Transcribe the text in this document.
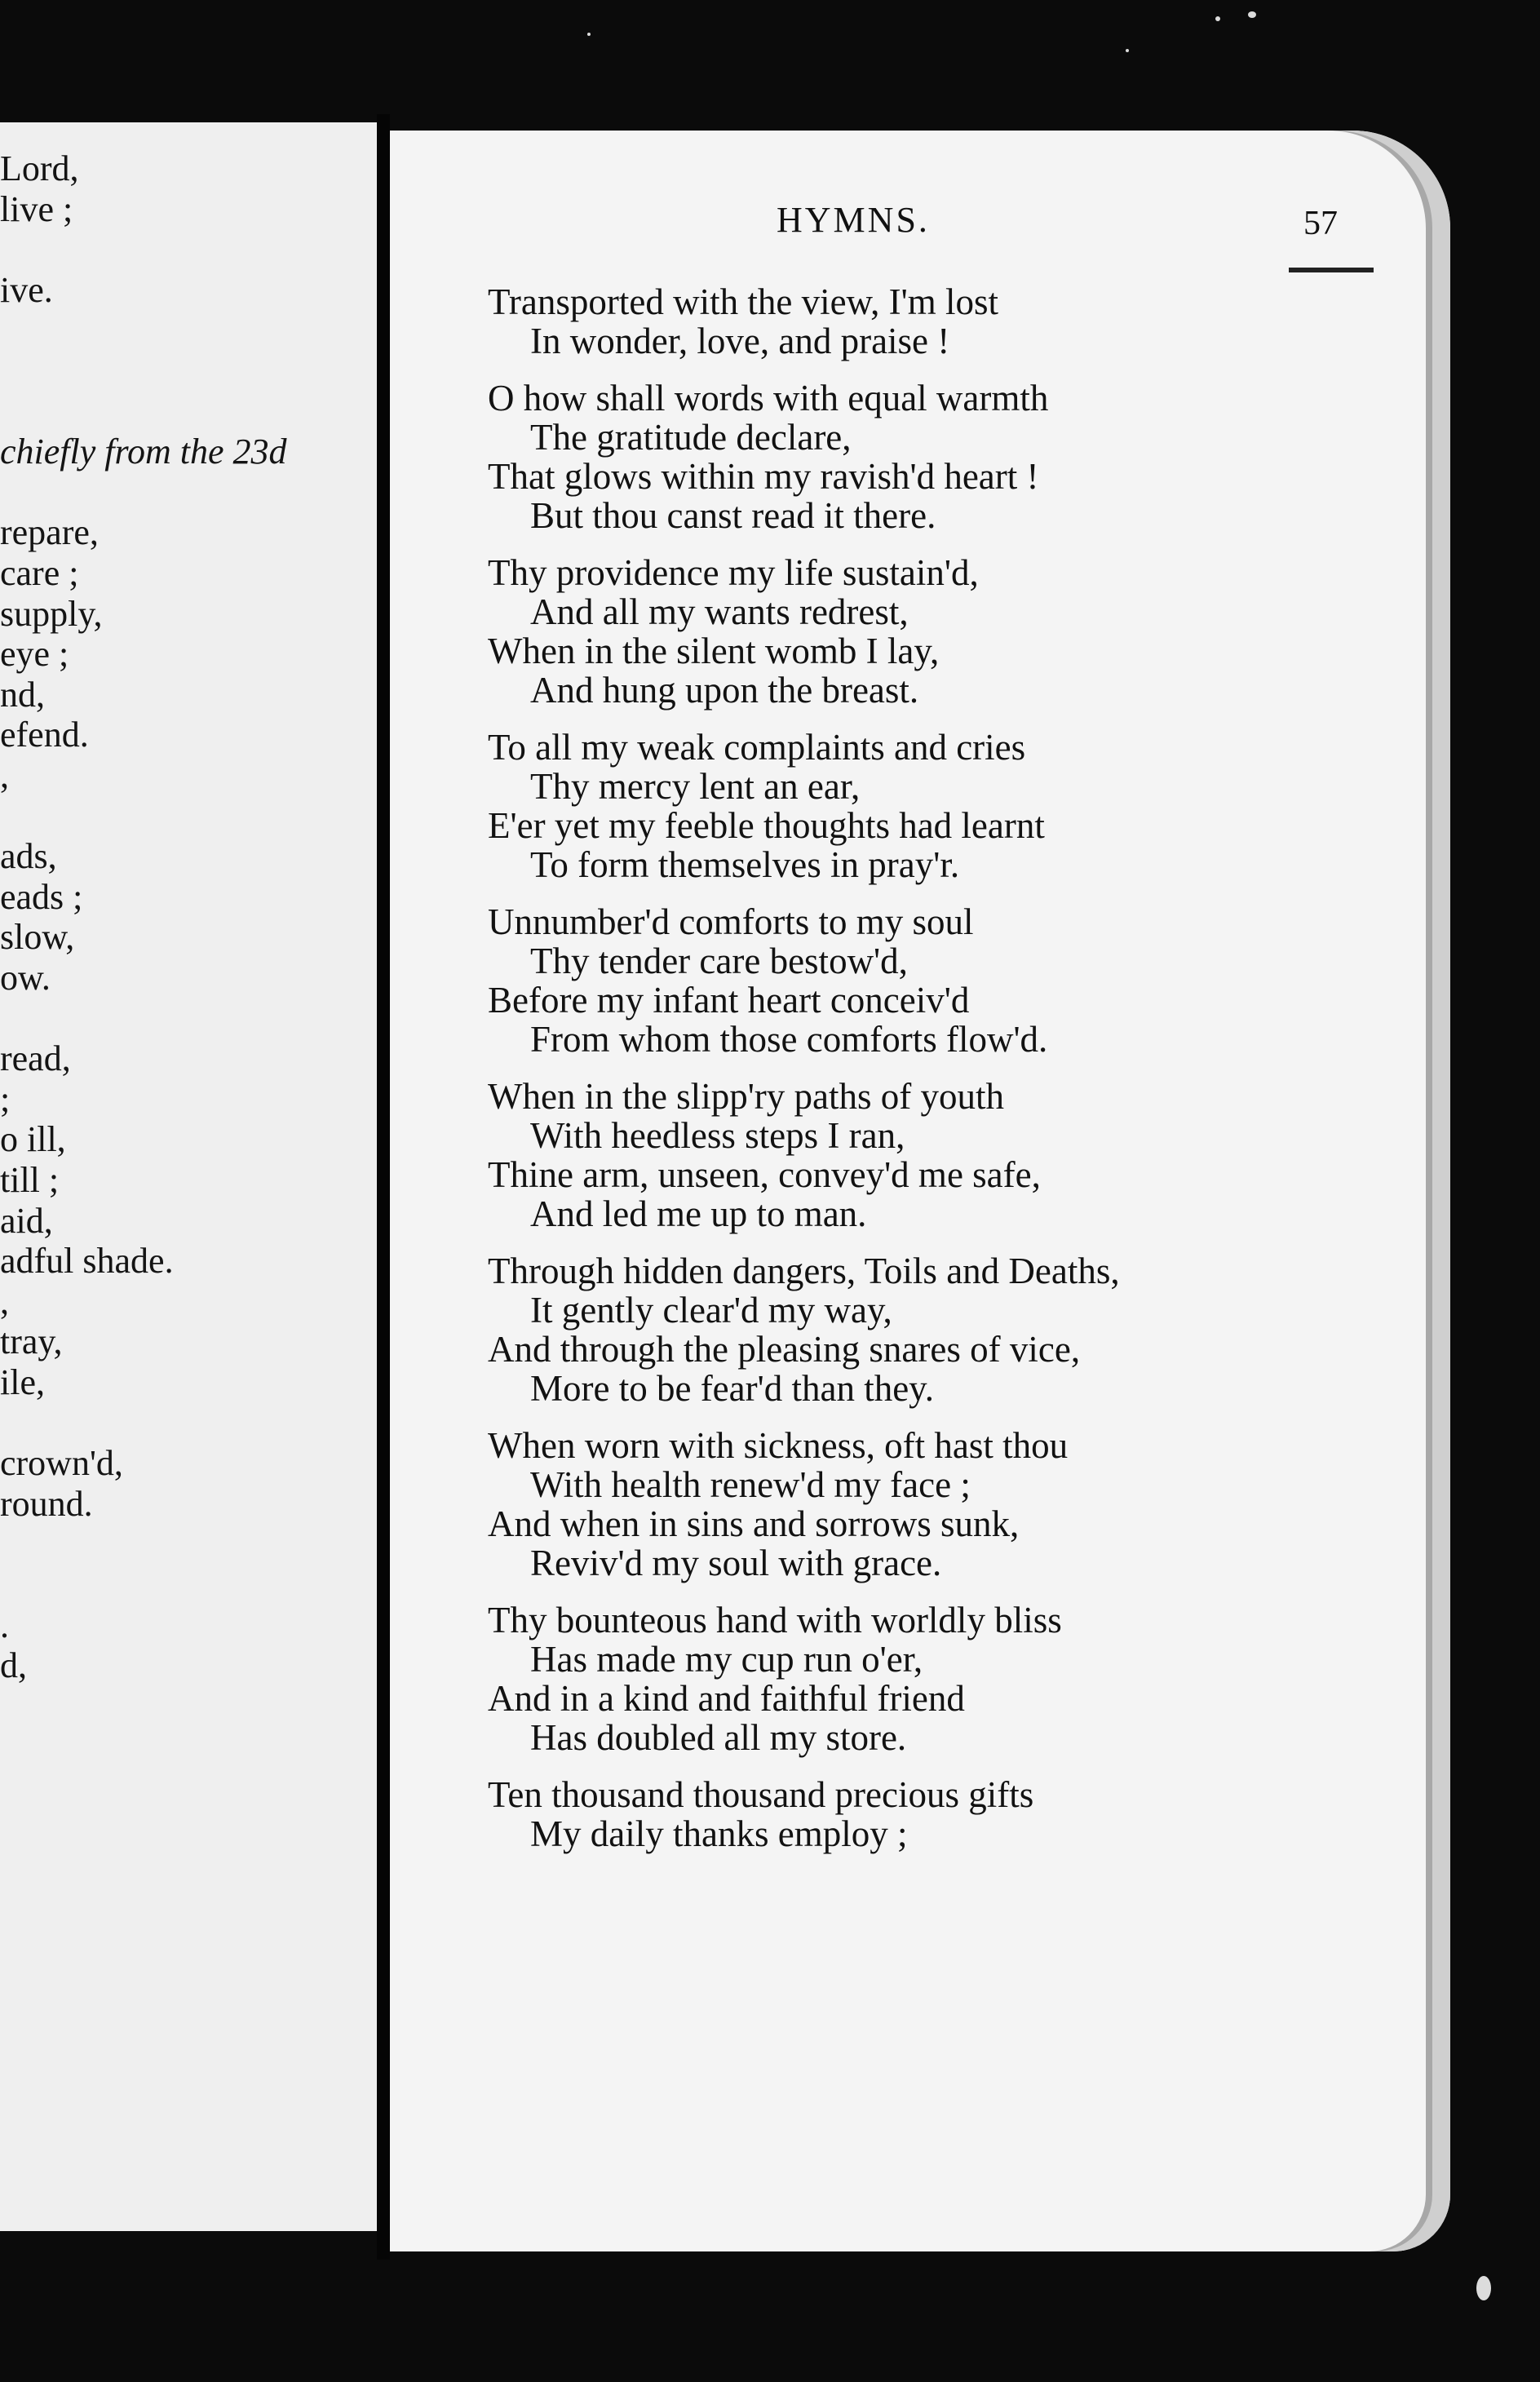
Lord,
live ;
ive.
chiefly from the 23d
repare,
care ;
supply,
eye ;
nd,
efend.
,
ads,
eads ;
slow,
ow.
read,
;
o ill,
till ;
aid,
adful shade.
,
tray,
ile,
crown'd,
round.
.
d,
HYMNS.	57
Transported with the view, I'm lost
In wonder, love, and praise !
O how shall words with equal warmth
The gratitude declare,
That glows within my ravish'd heart !
But thou canst read it there.
Thy providence my life sustain'd,
And all my wants redrest,
When in the silent womb I lay,
And hung upon the breast.
To all my weak complaints and cries
Thy mercy lent an ear,
E'er yet my feeble thoughts had learnt
To form themselves in pray'r.
Unnumber'd comforts to my soul
Thy tender care bestow'd,
Before my infant heart conceiv'd
From whom those comforts flow'd.
When in the slipp'ry paths of youth
With heedless steps I ran,
Thine arm, unseen, convey'd me safe,
And led me up to man.
Through hidden dangers, Toils and Deaths,
It gently clear'd my way,
And through the pleasing snares of vice,
More to be fear'd than they.
When worn with sickness, oft hast thou
With health renew'd my face ;
And when in sins and sorrows sunk,
Reviv'd my soul with grace.
Thy bounteous hand with worldly bliss
Has made my cup run o'er,
And in a kind and faithful friend
Has doubled all my store.
Ten thousand thousand precious gifts
My daily thanks employ ;
